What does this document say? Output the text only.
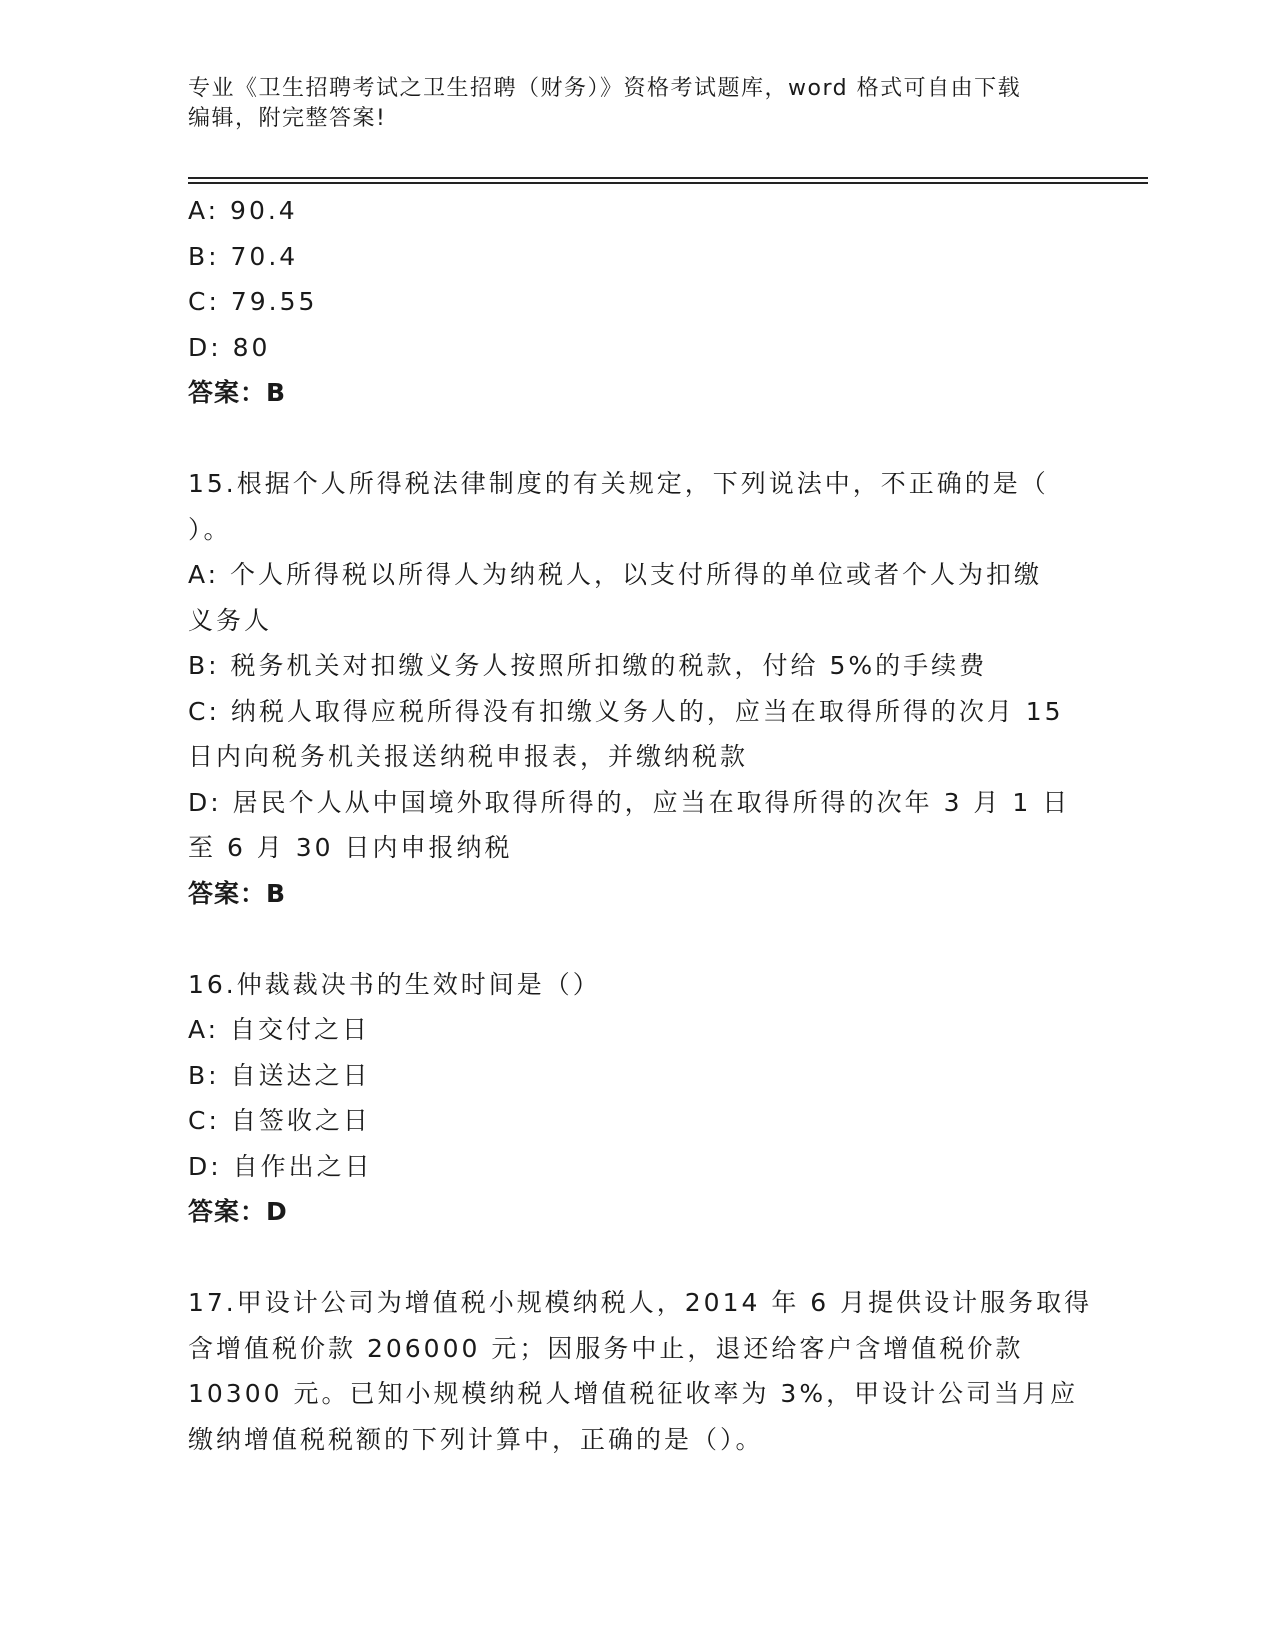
专业《卫生招聘考试之卫生招聘（财务）》资格考试题库，word 格式可自由下载
编辑，附完整答案!
A: 90.4
B: 70.4
C: 79.55
D: 80
答案：B
15.根据个人所得税法律制度的有关规定，下列说法中，不正确的是（
）。
A: 个人所得税以所得人为纳税人，以支付所得的单位或者个人为扣缴
义务人
B: 税务机关对扣缴义务人按照所扣缴的税款，付给 5%的手续费
C: 纳税人取得应税所得没有扣缴义务人的，应当在取得所得的次月 15
日内向税务机关报送纳税申报表，并缴纳税款
D: 居民个人从中国境外取得所得的，应当在取得所得的次年 3 月 1 日
至 6 月 30 日内申报纳税
答案：B
16.仲裁裁决书的生效时间是（）
A: 自交付之日
B: 自送达之日
C: 自签收之日
D: 自作出之日
答案：D
17.甲设计公司为增值税小规模纳税人，2014 年 6 月提供设计服务取得
含增值税价款 206000 元；因服务中止，退还给客户含增值税价款
10300 元。已知小规模纳税人增值税征收率为 3%，甲设计公司当月应
缴纳增值税税额的下列计算中，正确的是（）。
